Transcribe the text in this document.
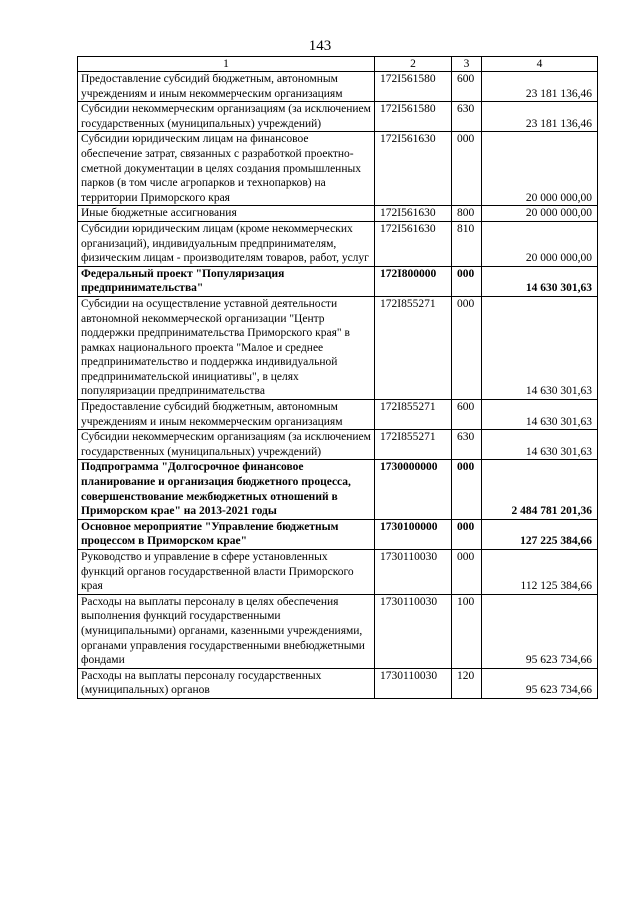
143
1	2	3	4
Предоставление субсидий бюджетным, автономным учреждениям и иным некоммерческим организациям	172I561580	600	23 181 136,46
Субсидии некоммерческим организациям (за исключением государственных (муниципальных) учреждений)	172I561580	630	23 181 136,46
Субсидии юридическим лицам на финансовое обеспечение затрат, связанных с разработкой проектно-сметной документации в целях создания промышленных парков (в том числе агропарков и технопарков) на территории Приморского края	172I561630	000	20 000 000,00
Иные бюджетные ассигнования	172I561630	800	20 000 000,00
Субсидии юридическим лицам (кроме некоммерческих организаций), индивидуальным предпринимателям, физическим лицам - производителям товаров, работ, услуг	172I561630	810	20 000 000,00
Федеральный проект "Популяризация предпринимательства"	172I800000	000	14 630 301,63
Субсидии на осуществление уставной деятельности автономной некоммерческой организации "Центр поддержки предпринимательства Приморского края" в рамках национального проекта "Малое и среднее предпринимательство и поддержка индивидуальной предпринимательской инициативы", в целях популяризации предпринимательства	172I855271	000	14 630 301,63
Предоставление субсидий бюджетным, автономным учреждениям и иным некоммерческим организациям	172I855271	600	14 630 301,63
Субсидии некоммерческим организациям (за исключением государственных (муниципальных) учреждений)	172I855271	630	14 630 301,63
Подпрограмма "Долгосрочное финансовое планирование и организация бюджетного процесса, совершенствование межбюджетных отношений в Приморском крае" на 2013-2021 годы	1730000000	000	2 484 781 201,36
Основное мероприятие "Управление бюджетным процессом в Приморском крае"	1730100000	000	127 225 384,66
Руководство и управление в сфере установленных функций органов государственной власти Приморского края	1730110030	000	112 125 384,66
Расходы на выплаты персоналу в целях обеспечения выполнения функций государственными (муниципальными) органами, казенными учреждениями, органами управления государственными внебюджетными фондами	1730110030	100	95 623 734,66
Расходы на выплаты персоналу государственных (муниципальных) органов	1730110030	120	95 623 734,66
